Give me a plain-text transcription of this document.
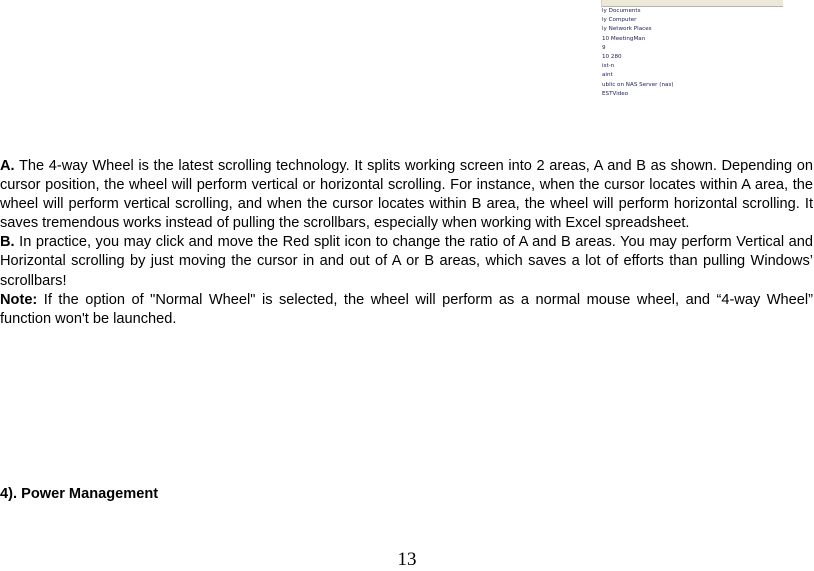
ly Documents
ly Computer
ly Network Places
10 MeetingMan
9
10 280
ist-n
aint
ublic on NAS Server (nas)
ESTVideo

A. The 4-way Wheel is the latest scrolling technology. It splits working screen into 2 areas, A and B as shown. Depending on cursor position, the wheel will perform vertical or horizontal scrolling. For instance, when the cursor locates within A area, the wheel will perform vertical scrolling, and when the cursor locates within B area, the wheel will perform horizontal scrolling. It saves tremendous works instead of pulling the scrollbars, especially when working with Excel spreadsheet.

B. In practice, you may click and move the Red split icon to change the ratio of A and B areas. You may perform Vertical and Horizontal scrolling by just moving the cursor in and out of A or B areas, which saves a lot of efforts than pulling Windows’ scrollbars!

Note: If the option of "Normal Wheel" is selected, the wheel will perform as a normal mouse wheel, and “4-way Wheel” function won't be launched.

4). Power Management
13
